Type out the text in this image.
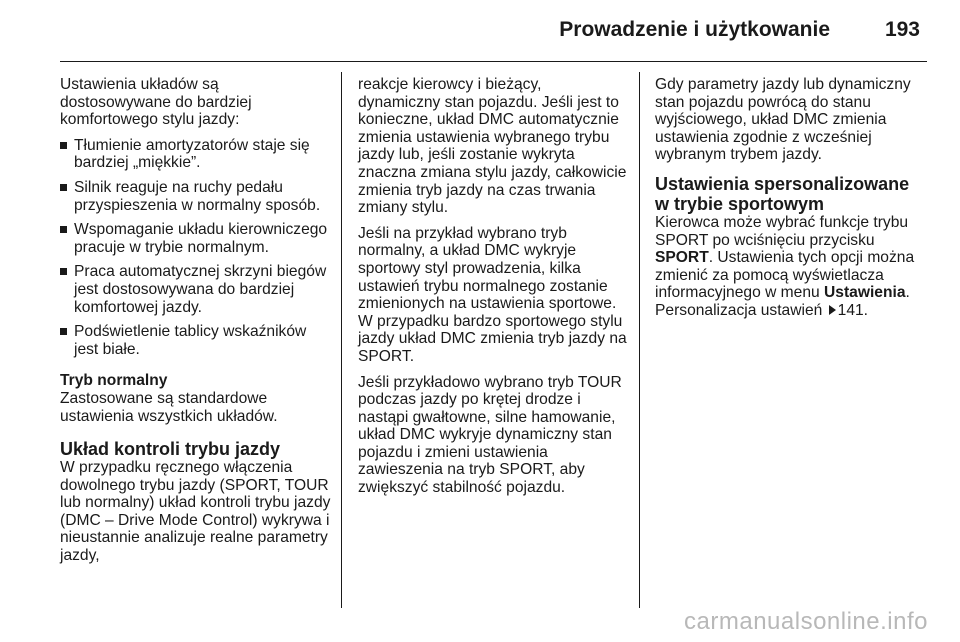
Prowadzenie i użytkowanie	193

Ustawienia układów są dostosowywane do bardziej komfortowego stylu jazdy:

Tłumienie amortyzatorów staje się bardziej „miękkie”.
Silnik reaguje na ruchy pedału przyspieszenia w normalny sposób.
Wspomaganie układu kierowniczego pracuje w trybie normalnym.
Praca automatycznej skrzyni biegów jest dostosowywana do bardziej komfortowej jazdy.
Podświetlenie tablicy wskaźników jest białe.
Tryb normalny

Zastosowane są standardowe ustawienia wszystkich układów.

Układ kontroli trybu jazdy

W przypadku ręcznego włączenia dowolnego trybu jazdy (SPORT, TOUR lub normalny) układ kontroli trybu jazdy (DMC – Drive Mode Control) wykrywa i nieustannie analizuje realne parametry jazdy,

reakcje kierowcy i bieżący, dynamiczny stan pojazdu. Jeśli jest to konieczne, układ DMC automatycznie zmienia ustawienia wybranego trybu jazdy lub, jeśli zostanie wykryta znaczna zmiana stylu jazdy, całkowicie zmienia tryb jazdy na czas trwania zmiany stylu.

Jeśli na przykład wybrano tryb normalny, a układ DMC wykryje sportowy styl prowadzenia, kilka ustawień trybu normalnego zostanie zmienionych na ustawienia sportowe. W przypadku bardzo sportowego stylu jazdy układ DMC zmienia tryb jazdy na SPORT.

Jeśli przykładowo wybrano tryb TOUR podczas jazdy po krętej drodze i nastąpi gwałtowne, silne hamowanie, układ DMC wykryje dynamiczny stan pojazdu i zmieni ustawienia zawieszenia na tryb SPORT, aby zwiększyć stabilność pojazdu.

Gdy parametry jazdy lub dynamiczny stan pojazdu powrócą do stanu wyjściowego, układ DMC zmienia ustawienia zgodnie z wcześniej wybranym trybem jazdy.

Ustawienia spersonalizowane w trybie sportowym

Kierowca może wybrać funkcje trybu SPORT po wciśnięciu przycisku SPORT. Ustawienia tych opcji można zmienić za pomocą wyświetlacza informacyjnego w menu Ustawienia.
Personalizacja ustawień 141.

carmanualsonline.info
